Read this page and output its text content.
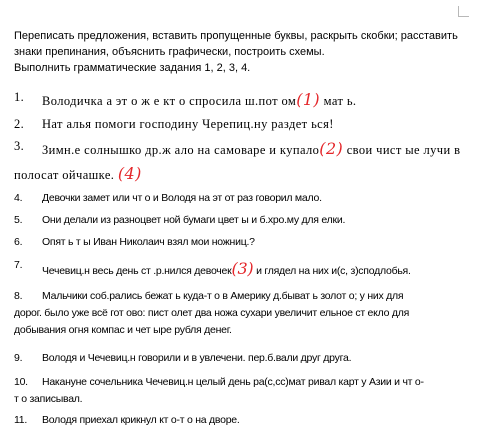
Переписать предложения, вставить пропущенные буквы, раскрыть скобки; расставить
знаки препинания, объяснить графически, построить схемы.
Выполнить грамматические задания 1, 2, 3, 4.
1.	Володичка а эт о ж е кт о спросила ш.пот ом(1) мат ь.
2.	Нат алья помоги господину Черепиц.ну раздет ься!
3.	Зимн.е солнышко др.ж ало на самоваре и купало(2) свои чист ые лучи в
полосат ойчашке. (4)
4.	Девочки замет или чт о и Володя на эт от раз говорил мало.
5.	Они делали из разноцвет ной бумаги цвет ы и б.хро.му для елки.
6.	Опят ь т ы Иван Николаич взял мои ножниц.?
7.	Чечевиц.н весь день ст .р.нился девочек(3) и глядел на них и(с, з)сподлобья.
8.	Мальчики соб.рались бежат ь куда-т о в Америку д.быват ь золот о; у них для
дорог. было уже всё гот ово: пист олет два ножа сухари увеличит ельное ст екло для
добывания огня компас и чет ыре рубля денег.
9.	Володя и Чечевиц.н говорили и в увлечени. пер.б.вали друг друга.
10.	Накануне сочельника Чечевиц.н целый день ра(с,сс)мат ривал карт у Азии и чт о-
т о записывал.
11.	Володя приехал крикнул кт о-т о на дворе.
